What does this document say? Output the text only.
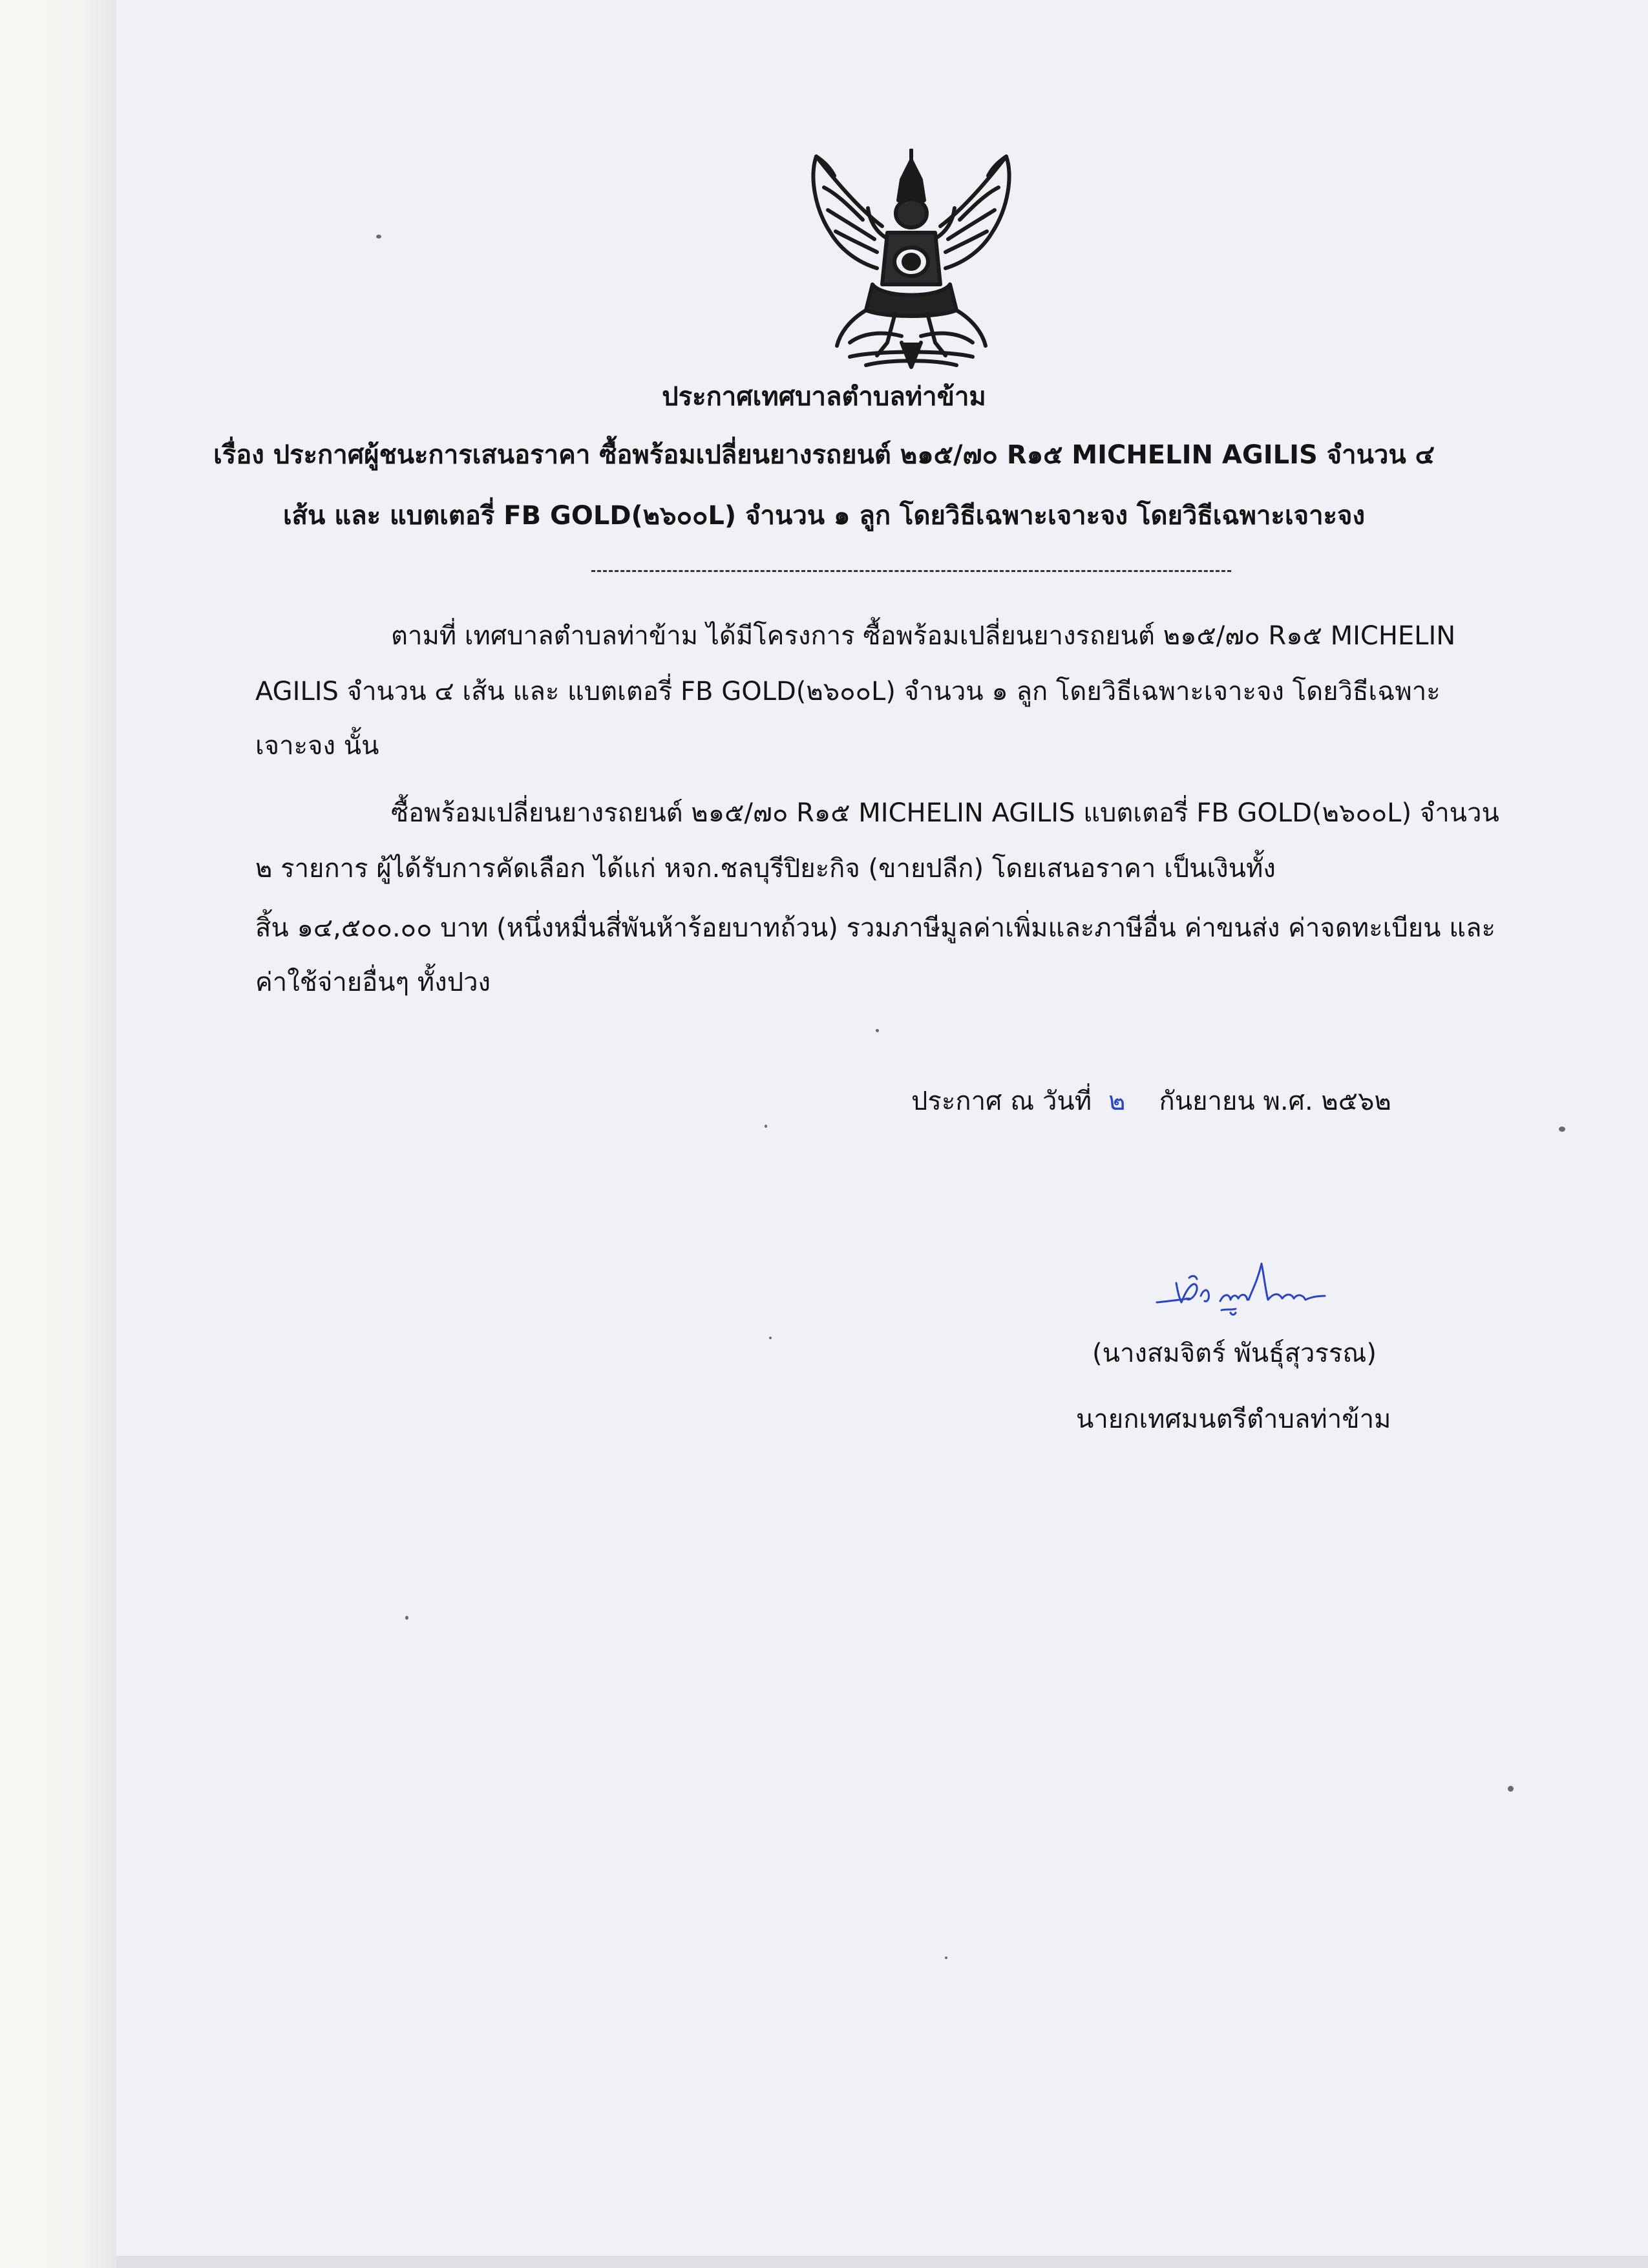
ประกาศเทศบาลตำบลท่าข้าม

เรื่อง ประกาศผู้ชนะการเสนอราคา ซื้อพร้อมเปลี่ยนยางรถยนต์ ๒๑๕/๗๐ R๑๕ MICHELIN AGILIS จำนวน ๔

เส้น และ แบตเตอรี่ FB GOLD(๒๖๐๐L) จำนวน ๑ ลูก โดยวิธีเฉพาะเจาะจง โดยวิธีเฉพาะเจาะจง

ตามที่ เทศบาลตำบลท่าข้าม ได้มีโครงการ ซื้อพร้อมเปลี่ยนยางรถยนต์ ๒๑๕/๗๐ R๑๕ MICHELIN

AGILIS จำนวน ๔ เส้น และ แบตเตอรี่ FB GOLD(๒๖๐๐L) จำนวน ๑ ลูก โดยวิธีเฉพาะเจาะจง โดยวิธีเฉพาะ

เจาะจง นั้น

ซื้อพร้อมเปลี่ยนยางรถยนต์ ๒๑๕/๗๐ R๑๕ MICHELIN AGILIS แบตเตอรี่ FB GOLD(๒๖๐๐L) จำนวน

๒ รายการ ผู้ได้รับการคัดเลือก ได้แก่ หจก.ชลบุรีปิยะกิจ (ขายปลีก) โดยเสนอราคา เป็นเงินทั้ง

สิ้น ๑๔,๕๐๐.๐๐ บาท (หนึ่งหมื่นสี่พันห้าร้อยบาทถ้วน) รวมภาษีมูลค่าเพิ่มและภาษีอื่น ค่าขนส่ง ค่าจดทะเบียน และ

ค่าใช้จ่ายอื่นๆ ทั้งปวง

ประกาศ ณ วันที่ ๒ กันยายน พ.ศ. ๒๕๖๒
(นางสมจิตร์ พันธุ์สุวรรณ)
นายกเทศมนตรีตำบลท่าข้าม
